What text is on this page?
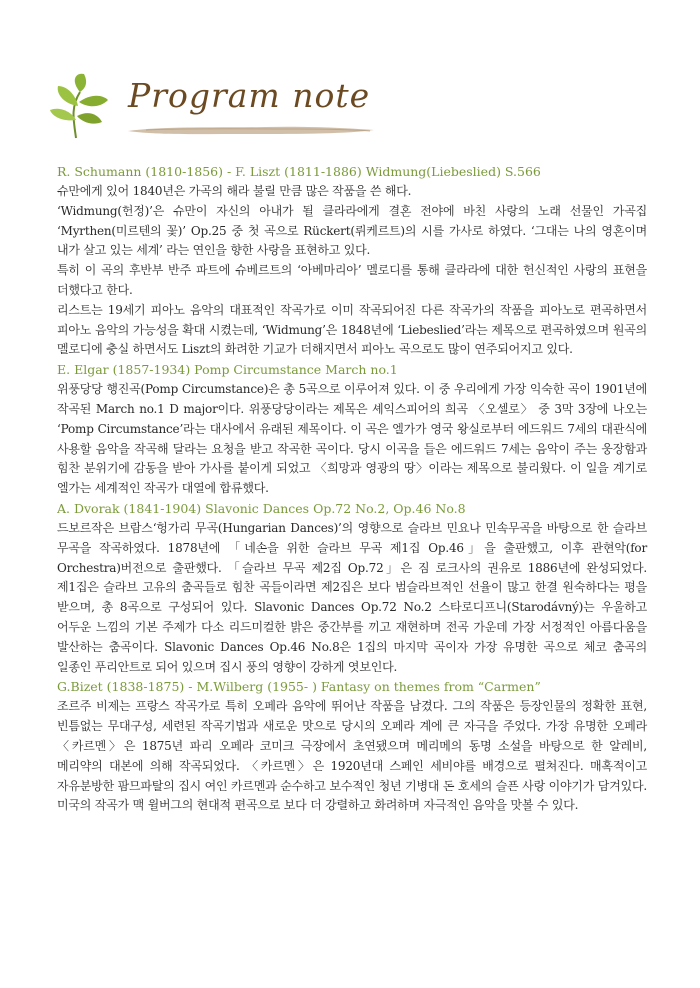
Program note
R. Schumann (1810-1856) - F. Liszt (1811-1886) Widmung(Liebeslied) S.566

슈만에게 있어 1840년은 가곡의 해라 불릴 만큼 많은 작품을 쓴 해다.

‘Widmung(헌정)’은 슈만이 자신의 아내가 될 클라라에게 결혼 전야에 바친 사랑의 노래 선물인 가곡집 ‘Myrthen(미르텐의 꽃)’ Op.25 중 첫 곡으로 Rückert(뤼케르트)의 시를 가사로 하였다. ‘그대는 나의 영혼이며 내가 살고 있는 세계’ 라는 연인을 향한 사랑을 표현하고 있다.

특히 이 곡의 후반부 반주 파트에 슈베르트의 ‘아베마리아’ 멜로디를 통해 클라라에 대한 헌신적인 사랑의 표현을 더했다고 한다.

리스트는 19세기 피아노 음악의 대표적인 작곡가로 이미 작곡되어진 다른 작곡가의 작품을 피아노로 편곡하면서 피아노 음악의 가능성을 확대 시켰는데, ‘Widmung’은 1848년에 ‘Liebeslied’라는 제목으로 편곡하였으며 원곡의 멜로디에 충실 하면서도 Liszt의 화려한 기교가 더해지면서 피아노 곡으로도 많이 연주되어지고 있다.

E. Elgar (1857-1934) Pomp Circumstance March no.1

위풍당당 행진곡(Pomp Circumstance)은 총 5곡으로 이루어져 있다. 이 중 우리에게 가장 익숙한 곡이 1901년에 작곡된 March no.1 D major이다. 위풍당당이라는 제목은 셰익스피어의 희곡 〈오셀로〉 중 3막 3장에 나오는 ‘Pomp Circumstance’라는 대사에서 유래된 제목이다. 이 곡은 엘가가 영국 왕실로부터 에드워드 7세의 대관식에 사용할 음악을 작곡해 달라는 요청을 받고 작곡한 곡이다. 당시 이곡을 들은 에드워드 7세는 음악이 주는 웅장함과 힘찬 분위기에 감동을 받아 가사를 붙이게 되었고 〈희망과 영광의 땅〉이라는 제목으로 불리웠다. 이 일을 계기로 엘가는 세계적인 작곡가 대열에 합류했다.

A. Dvorak (1841-1904) Slavonic Dances Op.72 No.2, Op.46 No.8

드보르작은 브람스‘헝가리 무곡(Hungarian Dances)’의 영향으로 슬라브 민요나 민속무곡을 바탕으로 한 슬라브 무곡을 작곡하였다. 1878년에 「네손을 위한 슬라브 무곡 제1집 Op.46」을 출판했고, 이후 관현악(for Orchestra)버전으로 출판했다. 「슬라브 무곡 제2집 Op.72」은 짐 로크사의 권유로 1886년에 완성되었다. 제1집은 슬라브 고유의 춤곡들로 힘찬 곡들이라면 제2집은 보다 범슬라브적인 선율이 많고 한결 원숙하다는 평을 받으며, 총 8곡으로 구성되어 있다. Slavonic Dances Op.72 No.2 스타로디프니(Starodávný)는 우울하고 어두운 느낌의 기본 주제가 다소 리드미컬한 밝은 중간부를 끼고 재현하며 전곡 가운데 가장 서정적인 아름다움을 발산하는 춤곡이다. Slavonic Dances Op.46 No.8은 1집의 마지막 곡이자 가장 유명한 곡으로 체코 춤곡의 일종인 푸리안트로 되어 있으며 집시 풍의 영향이 강하게 엿보인다.

G.Bizet (1838-1875) - M.Wilberg (1955- ) Fantasy on themes from “Carmen”

조르주 비제는 프랑스 작곡가로 특히 오페라 음악에 뛰어난 작품을 남겼다. 그의 작품은 등장인물의 정확한 표현, 빈틈없는 무대구성, 세련된 작곡기법과 새로운 맛으로 당시의 오페라 계에 큰 자극을 주었다. 가장 유명한 오페라 〈카르멘〉은 1875년 파리 오페라 코미크 극장에서 초연됐으며 메리메의 동명 소설을 바탕으로 한 알레비, 메리약의 대본에 의해 작곡되었다. 〈카르멘〉은 1920년대 스페인 세비야를 배경으로 펼쳐진다. 매혹적이고 자유분방한 팜므파탈의 집시 여인 카르멘과 순수하고 보수적인 청년 기병대 돈 호세의 슬픈 사랑 이야기가 담겨있다. 미국의 작곡가 맥 윌버그의 현대적 편곡으로 보다 더 강렬하고 화려하며 자극적인 음악을 맛볼 수 있다.
